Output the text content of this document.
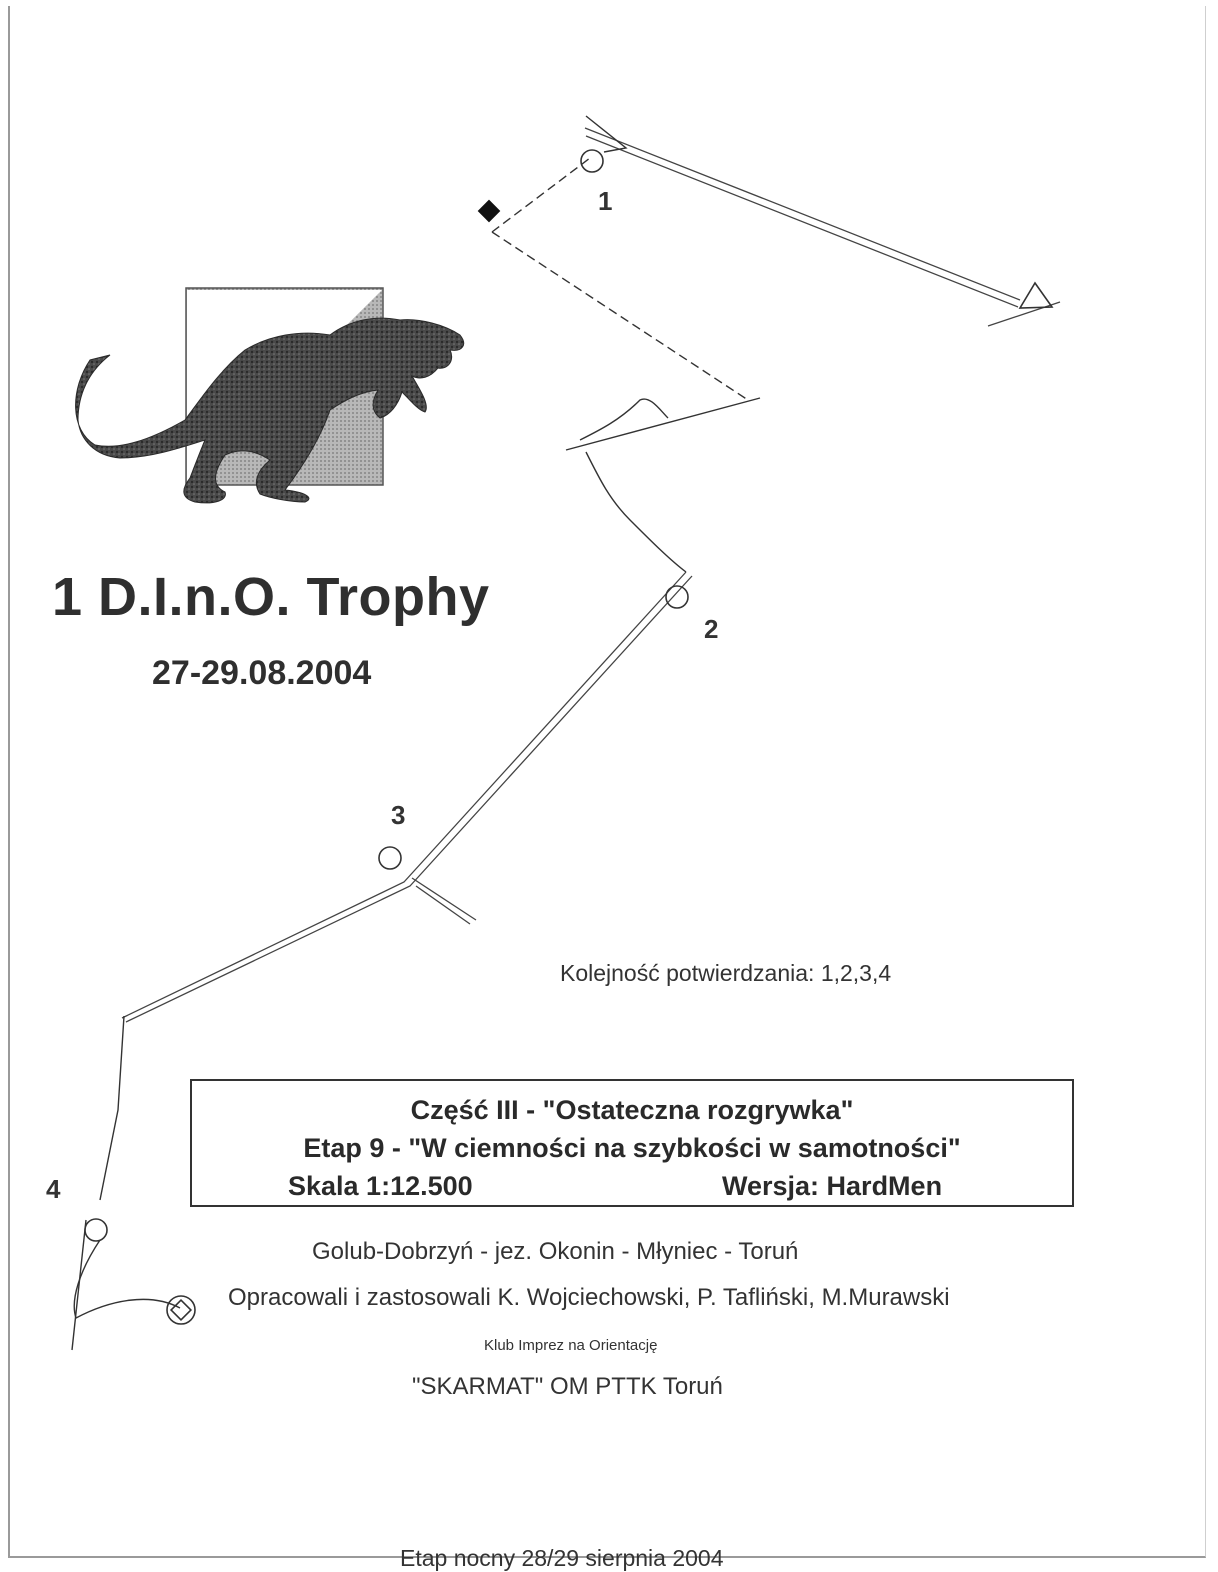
1
2
3
4
1 D.I.n.O. Trophy
27-29.08.2004
Kolejność potwierdzania: 1,2,3,4
Część III - "Ostateczna rozgrywka"
Etap 9 - "W ciemności na szybkości w samotności"
Skala 1:12.500	Wersja: HardMen
Golub-Dobrzyń - jez. Okonin - Młyniec - Toruń
Opracowali i zastosowali K. Wojciechowski, P. Tafliński, M.Murawski
Klub Imprez na Orientację
"SKARMAT" OM PTTK Toruń
Etap nocny 28/29 sierpnia 2004
